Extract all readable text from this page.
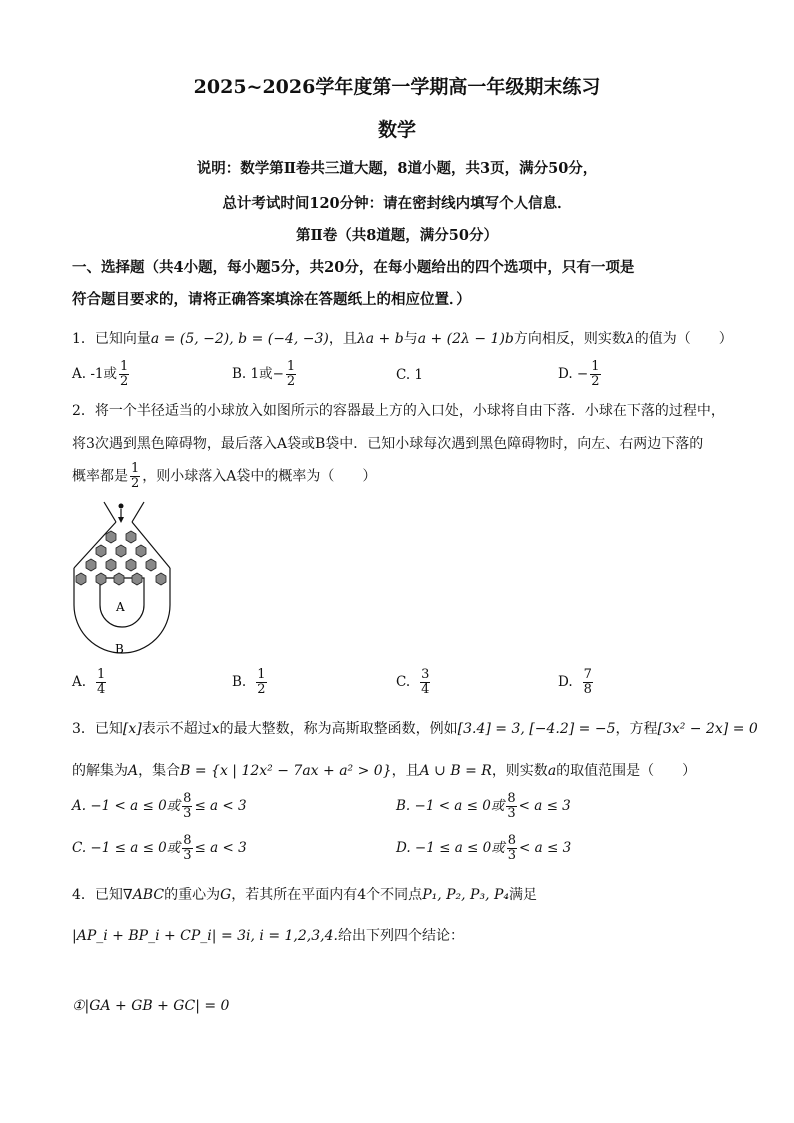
2025~2026学年度第一学期高一年级期末练习
数学
说明：数学第Ⅱ卷共三道大题，8道小题，共3页，满分50分，
总计考试时间120分钟：请在密封线内填写个人信息．
第Ⅱ卷（共8道题，满分50分）
一、选择题（共4小题，每小题5分，共20分，在每小题给出的四个选项中，只有一项是
符合题目要求的，请将正确答案填涂在答题纸上的相应位置．）
1．已知向量a = (5, −2), b = (−4, −3)，且λa + b与a + (2λ − 1)b方向相反，则实数λ的值为（　　）
A. -1或 $\frac{1}{2}$	B. 1或− $\frac{1}{2}$	C. 1	D. − $\frac{1}{2}$
2．将一个半径适当的小球放入如图所示的容器最上方的入口处，小球将自由下落．小球在下落的过程中，
将3次遇到黑色障碍物，最后落入A袋或B袋中．已知小球每次遇到黑色障碍物时，向左、右两边下落的
概率都是 $\frac{1}{2}$ ，则小球落入A袋中的概率为（　　）
A
B
A. $\frac{1}{4}$	B. $\frac{1}{2}$	C. $\frac{3}{4}$	D. $\frac{7}{8}$
3．已知[x]表示不超过x的最大整数，称为高斯取整函数，例如[3.4] = 3, [−4.2] = −5，方程[3x² − 2x] = 0
的解集为A，集合B = {x | 12x² − 7ax + a² > 0}，且A ∪ B = R，则实数a的取值范围是（　　）
A. −1 < a ≤ 0或 $\frac{8}{3} \le a < 3$	B. −1 < a ≤ 0或 $\frac{8}{3} < a \le 3$
C. −1 ≤ a ≤ 0或 $\frac{8}{3} \le a < 3$	D. −1 ≤ a ≤ 0或 $\frac{8}{3} < a \le 3$
4．已知∇ABC的重心为G，若其所在平面内有4个不同点P₁, P₂, P₃, P₄满足
|AP_i + BP_i + CP_i| = 3i, i = 1,2,3,4.给出下列四个结论：
①|GA + GB + GC| = 0
